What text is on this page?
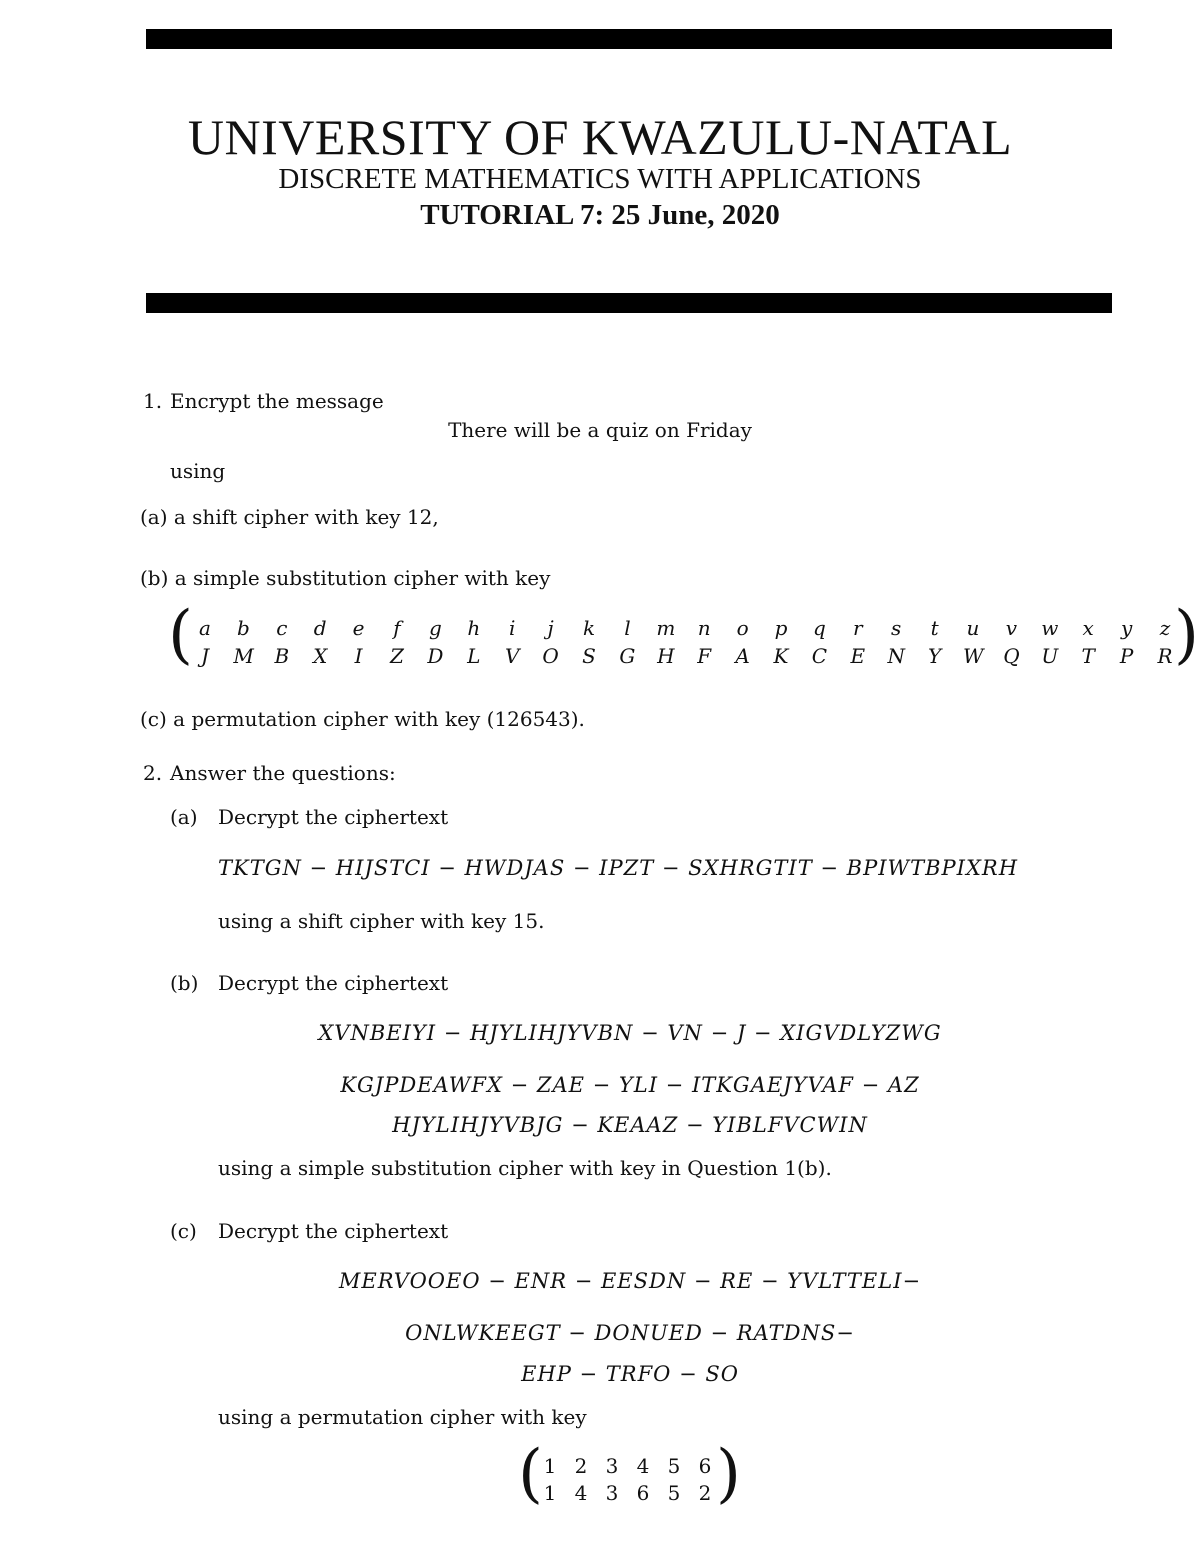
UNIVERSITY OF KWAZULU-NATAL
DISCRETE MATHEMATICS WITH APPLICATIONS
TUTORIAL 7: 25 June, 2020
1. Encrypt the message
There will be a quiz on Friday
using
(a) a shift cipher with key 12,
(b) a simple substitution cipher with key
(	)
a b c d e	f	g h	i	j	k	l	m n o p q r s t u v w x y z
J M B X	I	Z D L V O S G H F A K C E N Y W Q U T P R
(c) a permutation cipher with key (126543).
2. Answer the questions:
(a) Decrypt the ciphertext
TKTGN − HIJSTCI − HWDJAS − IPZT − SXHRGTIT − BPIWTBPIXRH
using a shift cipher with key 15.
(b) Decrypt the ciphertext
XVNBEIYI − HJYLIHJYVBN − VN − J − XIGVDLYZWG
KGJPDEAWFX − ZAE − YLI − ITKGAEJYVAF − AZ
HJYLIHJYVBJG − KEAAZ − YIBLFVCWIN
using a simple substitution cipher with key in Question 1(b).
(c) Decrypt the ciphertext
MERVOOEO − ENR − EESDN − RE − YVLTTELI−
ONLWKEEGT − DONUED − RATDNS−
EHP − TRFO − SO
using a permutation cipher with key
(	)
1 2 3 4 5 6
1 4 3 6 5 2
